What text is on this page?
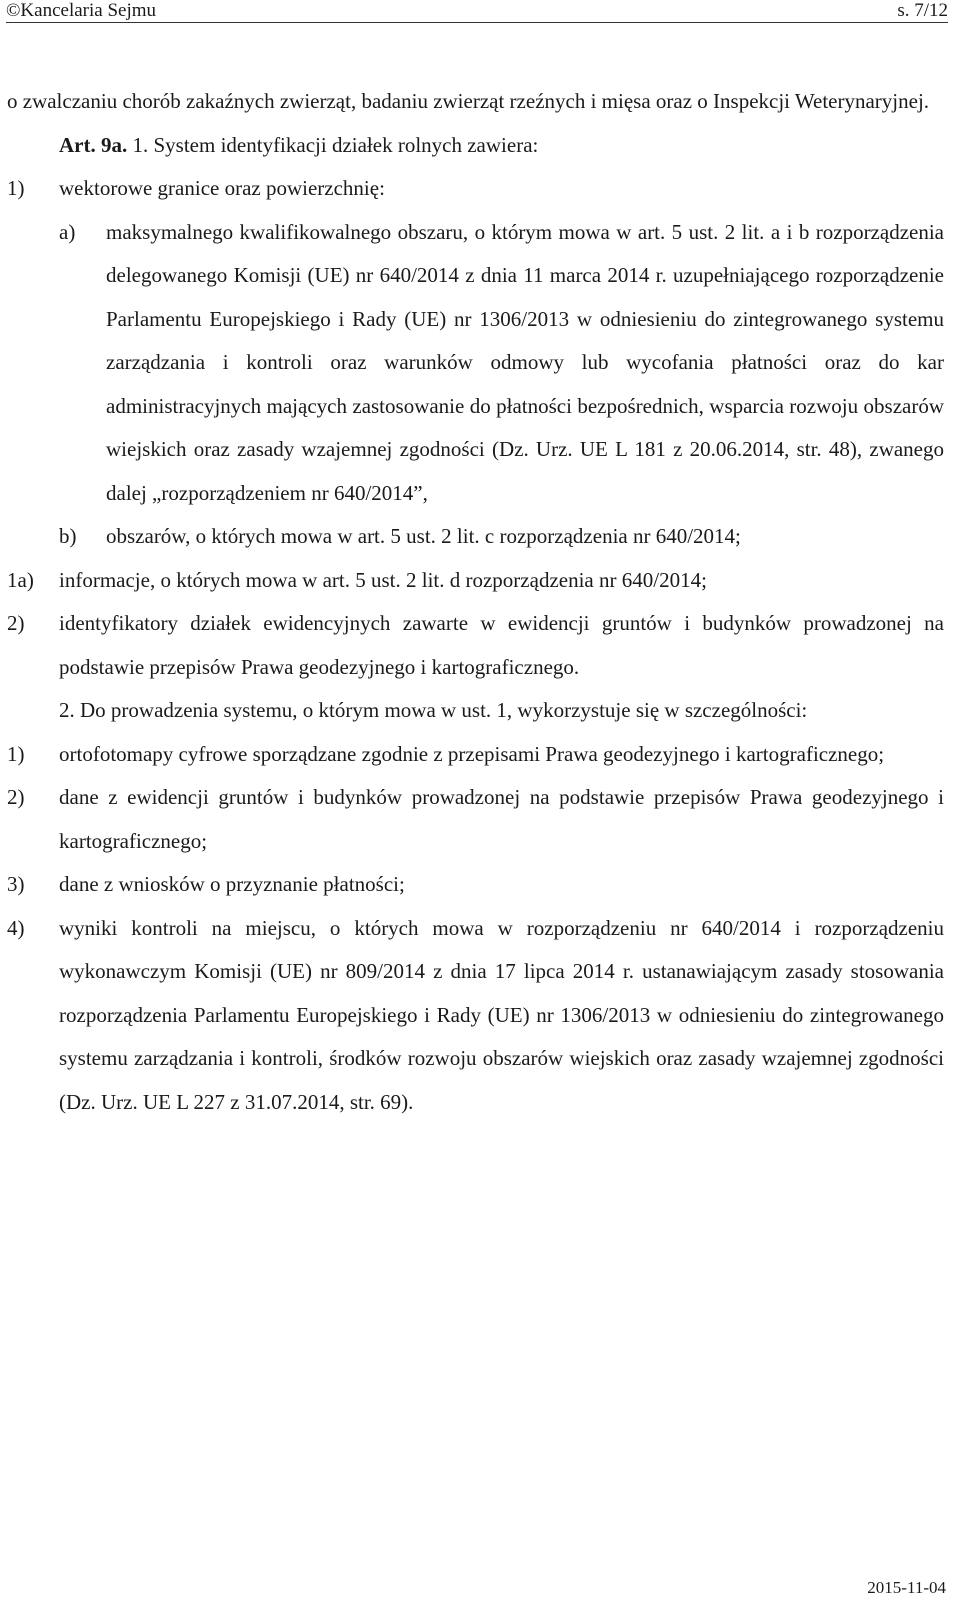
©Kancelaria Sejmu	s. 7/12

o zwalczaniu chorób zakaźnych zwierząt, badaniu zwierząt rzeźnych i mięsa oraz o Inspekcji Weterynaryjnej.

Art. 9a. 1. System identyfikacji działek rolnych zawiera:

1) wektorowe granice oraz powierzchnię:
a) maksymalnego kwalifikowalnego obszaru, o którym mowa w art. 5 ust. 2 lit. a i b rozporządzenia delegowanego Komisji (UE) nr 640/2014 z dnia 11 marca 2014 r. uzupełniającego rozporządzenie Parlamentu Europejskiego i Rady (UE) nr 1306/2013 w odniesieniu do zintegrowanego systemu zarządzania i kontroli oraz warunków odmowy lub wycofania płatności oraz do kar administracyjnych mających zastosowanie do płatności bezpośrednich, wsparcia rozwoju obszarów wiejskich oraz zasady wzajemnej zgodności (Dz. Urz. UE L 181 z 20.06.2014, str. 48), zwanego dalej „rozporządzeniem nr 640/2014”,
b) obszarów, o których mowa w art. 5 ust. 2 lit. c rozporządzenia nr 640/2014;
1a) informacje, o których mowa w art. 5 ust. 2 lit. d rozporządzenia nr 640/2014;
2) identyfikatory działek ewidencyjnych zawarte w ewidencji gruntów i budynków prowadzonej na podstawie przepisów Prawa geodezyjnego i kartograficznego.

2. Do prowadzenia systemu, o którym mowa w ust. 1, wykorzystuje się w szczególności:

1) ortofotomapy cyfrowe sporządzane zgodnie z przepisami Prawa geodezyjnego i kartograficznego;
2) dane z ewidencji gruntów i budynków prowadzonej na podstawie przepisów Prawa geodezyjnego i kartograficznego;
3) dane z wniosków o przyznanie płatności;
4) wyniki kontroli na miejscu, o których mowa w rozporządzeniu nr 640/2014 i rozporządzeniu wykonawczym Komisji (UE) nr 809/2014 z dnia 17 lipca 2014 r. ustanawiającym zasady stosowania rozporządzenia Parlamentu Europejskiego i Rady (UE) nr 1306/2013 w odniesieniu do zintegrowanego systemu zarządzania i kontroli, środków rozwoju obszarów wiejskich oraz zasady wzajemnej zgodności (Dz. Urz. UE L 227 z 31.07.2014, str. 69).
2015-11-04
